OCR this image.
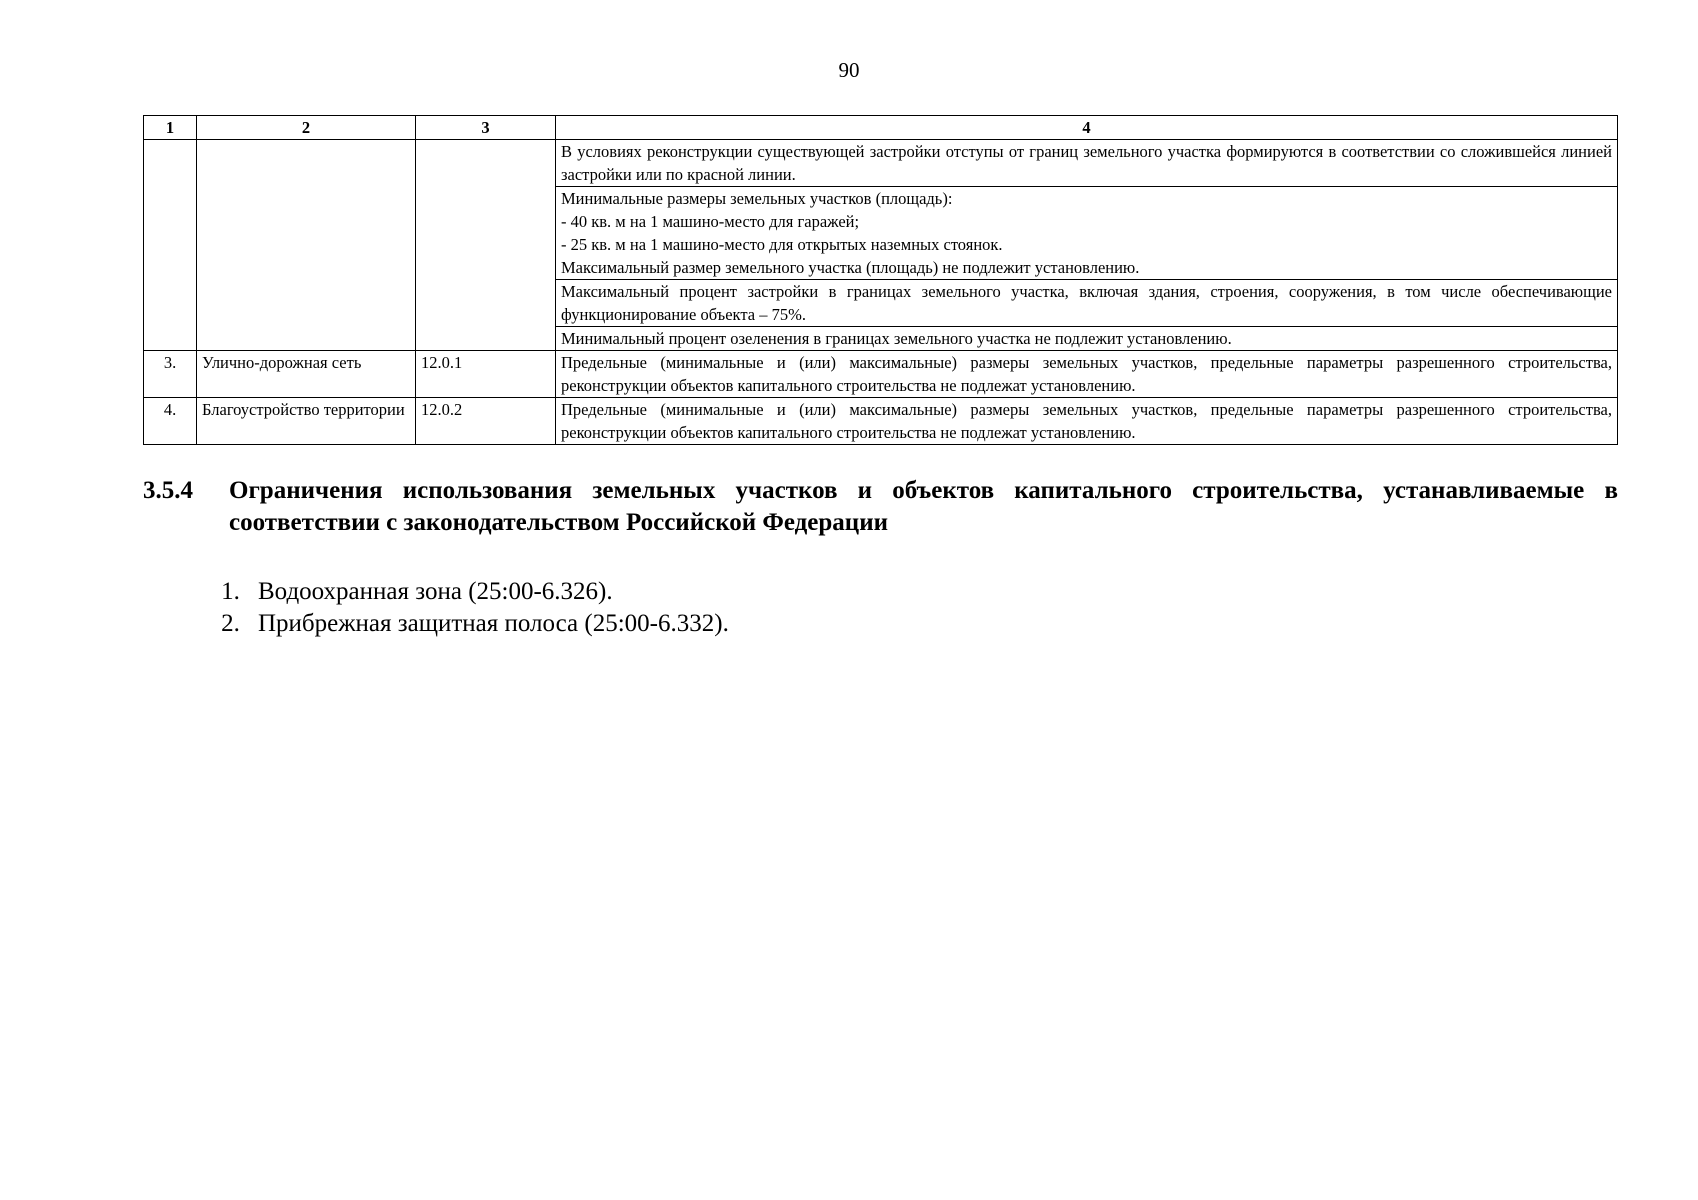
90
1	2	3	4

			В условиях реконструкции существующей застройки отступы от границ земельного участка формируются в соответствии со сложившейся линией застройки или по красной линии.

			Минимальные размеры земельных участков (площадь):
- 40 кв. м на 1 машино-место для гаражей;
- 25 кв. м на 1 машино-место для открытых наземных стоянок.
Максимальный размер земельного участка (площадь) не подлежит установлению.

			Максимальный процент застройки в границах земельного участка, включая здания, строения, сооружения, в том числе обеспечивающие функционирование объекта – 75%.

			Минимальный процент озеленения в границах земельного участка не подлежит установлению.

3.	Улично-дорожная сеть	12.0.1	Предельные (минимальные и (или) максимальные) размеры земельных участков, предельные параметры разрешенного строительства, реконструкции объектов капитального строительства не подлежат установлению.
4.	Благоустройство территории	12.0.2	Предельные (минимальные и (или) максимальные) размеры земельных участков, предельные параметры разрешенного строительства, реконструкции объектов капитального строительства не подлежат установлению.
3.5.4 Ограничения использования земельных участков и объектов капитального строительства, устанавливаемые в соответствии с законодательством Российской Федерации
1. Водоохранная зона (25:00-6.326).
2. Прибрежная защитная полоса (25:00-6.332).
